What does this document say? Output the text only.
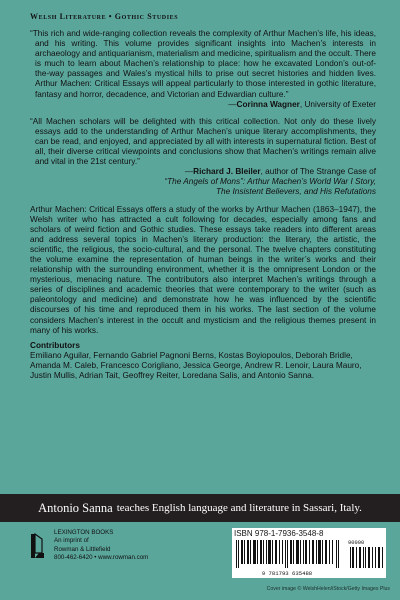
Welsh Literature • Gothic Studies

“This rich and wide-ranging collection reveals the complexity of Arthur Machen’s life, his ideas, and his writing. This volume provides significant insights into Machen’s interests in archaeology and antiquarianism, materialism and medicine, spiritualism and the occult. There is much to learn about Machen’s relationship to place: how he excavated London’s out-of-the-way passages and Wales’s mystical hills to prise out secret histories and hidden lives. Arthur Machen: Critical Essays will appeal particularly to those interested in gothic literature, fantasy and horror, decadence, and Victorian and Edwardian culture.”

—Corinna Wagner, University of Exeter

“All Machen scholars will be delighted with this critical collection. Not only do these lively essays add to the understanding of Arthur Machen’s unique literary accomplishments, they can be read, and enjoyed, and appreciated by all with interests in supernatural fiction. Best of all, their diverse critical viewpoints and conclusions show that Machen’s writings remain alive and vital in the 21st century.”

—Richard J. Bleiler, author of The Strange Case of
“The Angels of Mons”: Arthur Machen’s World War I Story,
The Insistent Believers, and His Refutations

Arthur Machen: Critical Essays offers a study of the works by Arthur Machen (1863–1947), the Welsh writer who has attracted a cult following for decades, especially among fans and scholars of weird fiction and Gothic studies. These essays take readers into different areas and address several topics in Machen’s literary production: the literary, the artistic, the scientific, the religious, the socio-cultural, and the personal. The twelve chapters constituting the volume examine the representation of human beings in the writer’s works and their relationship with the surrounding environment, whether it is the omnipresent London or the mysterious, menacing nature. The contributors also interpret Machen’s writings through a series of disciplines and academic theories that were contemporary to the writer (such as paleontology and medicine) and demonstrate how he was influenced by the scientific discourses of his time and reproduced them in his works. The last section of the volume considers Machen’s interest in the occult and mysticism and the religious themes present in many of his works.

Contributors

Emiliano Aguilar, Fernando Gabriel Pagnoni Berns, Kostas Boyiopoulos, Deborah Bridle, Amanda M. Caleb, Francesco Corigliano, Jessica George, Andrew R. Lenoir, Laura Mauro, Justin Mullis, Adrian Tait, Geoffrey Reiter, Loredana Salis, and Antonio Sanna.

Antonio Sanna teaches English language and literature in Sassari, Italy.
LEXINGTON BOOKS
An imprint of
Rowman & Littlefield
800-462-6420 • www.rowman.com
ISBN 978-1-7936-3548-8
9 781793 635488
90000
Cover image © WelshHelen/iStock/Getty Images Plus
